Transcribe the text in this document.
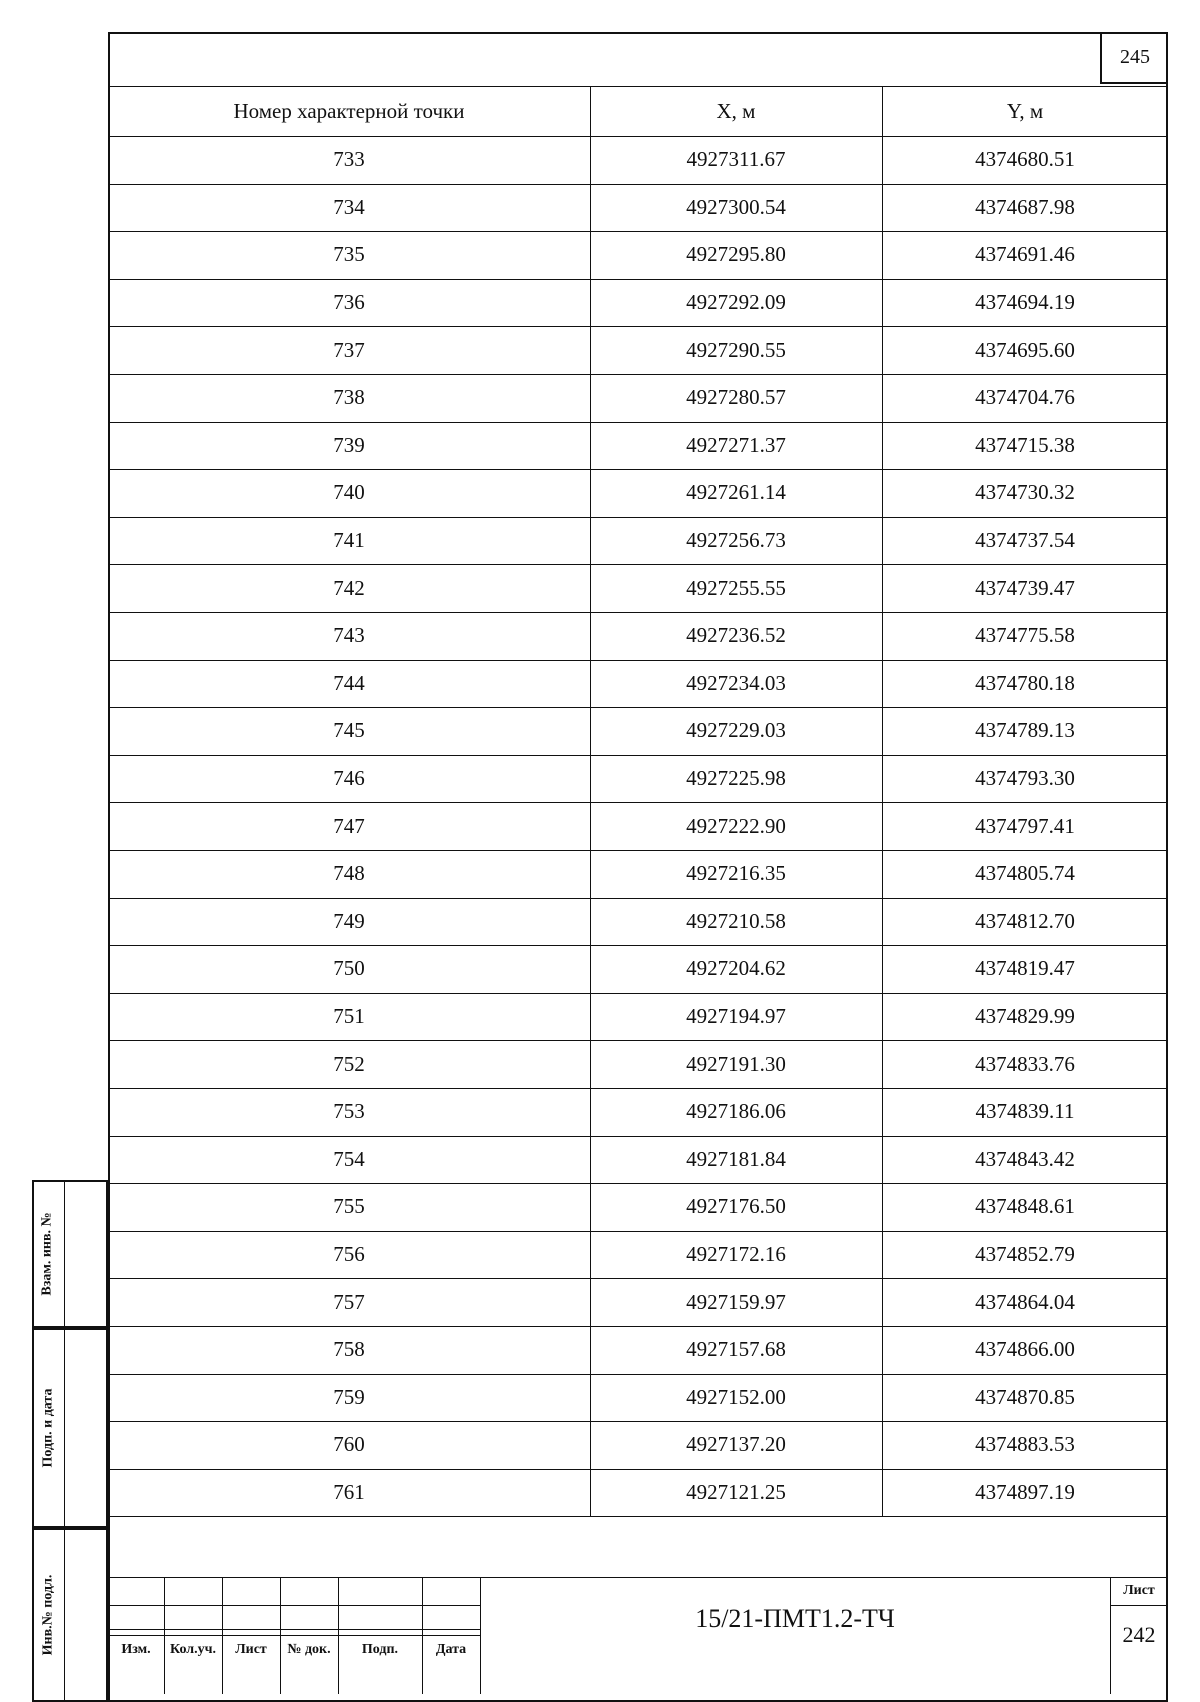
245
Номер характерной точки	X, м	Y, м
733	4927311.67	4374680.51
734	4927300.54	4374687.98
735	4927295.80	4374691.46
736	4927292.09	4374694.19
737	4927290.55	4374695.60
738	4927280.57	4374704.76
739	4927271.37	4374715.38
740	4927261.14	4374730.32
741	4927256.73	4374737.54
742	4927255.55	4374739.47
743	4927236.52	4374775.58
744	4927234.03	4374780.18
745	4927229.03	4374789.13
746	4927225.98	4374793.30
747	4927222.90	4374797.41
748	4927216.35	4374805.74
749	4927210.58	4374812.70
750	4927204.62	4374819.47
751	4927194.97	4374829.99
752	4927191.30	4374833.76
753	4927186.06	4374839.11
754	4927181.84	4374843.42
755	4927176.50	4374848.61
756	4927172.16	4374852.79
757	4927159.97	4374864.04
758	4927157.68	4374866.00
759	4927152.00	4374870.85
760	4927137.20	4374883.53
761	4927121.25	4374897.19
Взам. инв. №
Подп. и дата
Инв.№ подл.	Изм.	Кол.уч.	Лист	№ док.	Подп.	Дата
15/21-ПМТ1.2-ТЧ
Лист
242
